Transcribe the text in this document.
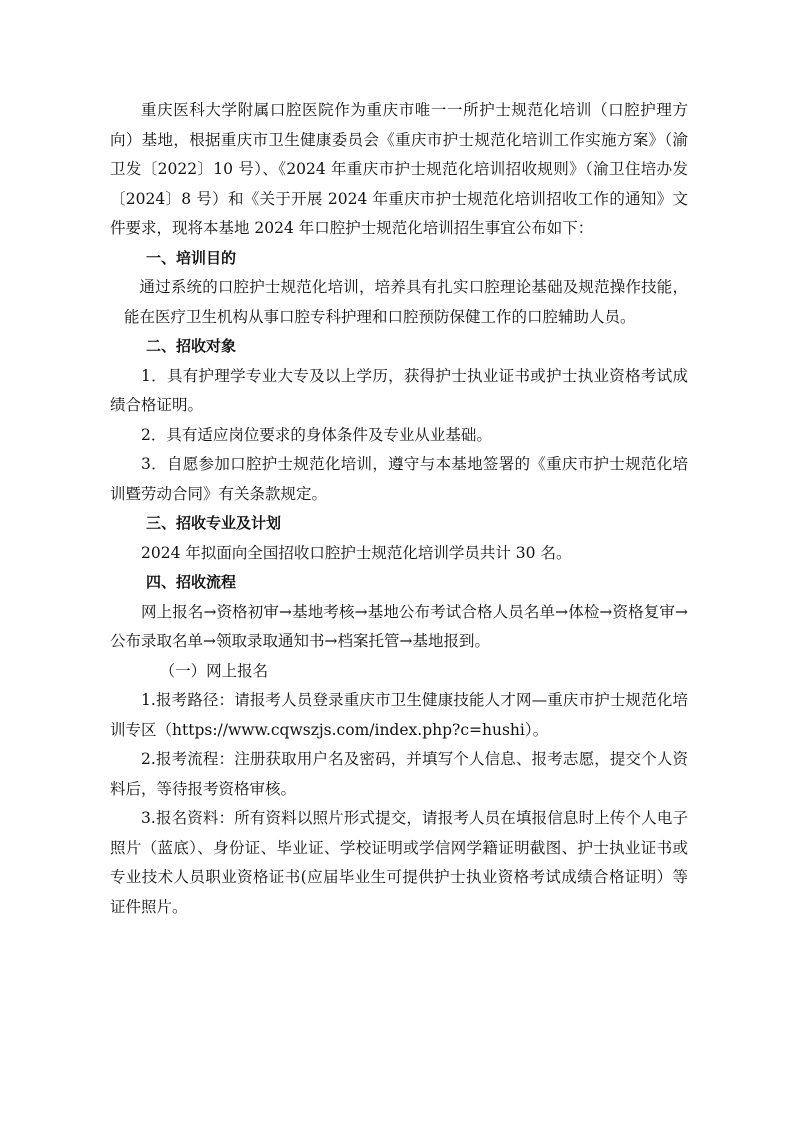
重庆医科大学附属口腔医院作为重庆市唯一一所护士规范化培训（口腔护理方向）基地，根据重庆市卫生健康委员会《重庆市护士规范化培训工作实施方案》（渝卫发〔2022〕10 号）、《2024 年重庆市护士规范化培训招收规则》（渝卫住培办发〔2024〕8 号）和《关于开展 2024 年重庆市护士规范化培训招收工作的通知》文件要求，现将本基地 2024 年口腔护士规范化培训招生事宜公布如下：

一、培训目的

通过系统的口腔护士规范化培训，培养具有扎实口腔理论基础及规范操作技能，能在医疗卫生机构从事口腔专科护理和口腔预防保健工作的口腔辅助人员。

二、招收对象

1．具有护理学专业大专及以上学历，获得护士执业证书或护士执业资格考试成绩合格证明。

2．具有适应岗位要求的身体条件及专业从业基础。

3．自愿参加口腔护士规范化培训，遵守与本基地签署的《重庆市护士规范化培训暨劳动合同》有关条款规定。

三、招收专业及计划

2024 年拟面向全国招收口腔护士规范化培训学员共计 30 名。

四、招收流程

网上报名→资格初审→基地考核→基地公布考试合格人员名单→体检→资格复审→公布录取名单→领取录取通知书→档案托管→基地报到。

（一）网上报名

1.报考路径：请报考人员登录重庆市卫生健康技能人才网—重庆市护士规范化培训专区（https://www.cqwszjs.com/index.php?c=hushi）。

2.报考流程：注册获取用户名及密码，并填写个人信息、报考志愿，提交个人资料后，等待报考资格审核。

3.报名资料：所有资料以照片形式提交，请报考人员在填报信息时上传个人电子照片（蓝底）、身份证、毕业证、学校证明或学信网学籍证明截图、护士执业证书或专业技术人员职业资格证书(应届毕业生可提供护士执业资格考试成绩合格证明）等证件照片。
